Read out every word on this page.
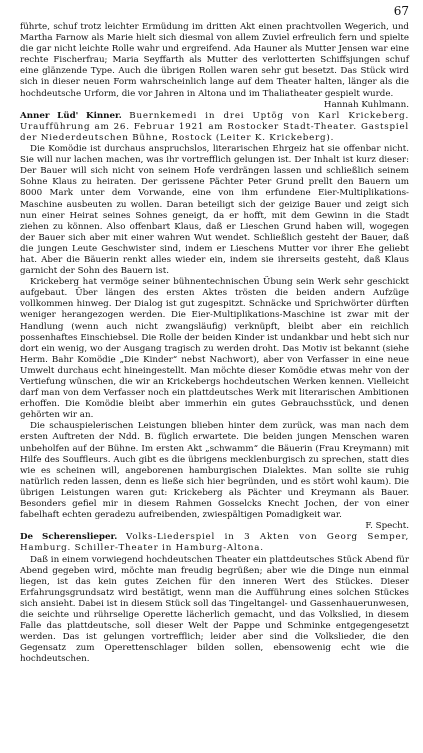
67

führte, schuf trotz leichter Ermüdung im dritten Akt einen prachtvollen Wegerich, und Martha Farnow als Marie hielt sich diesmal von allem Zuviel erfreulich fern und spielte die gar nicht leichte Rolle wahr und ergreifend. Ada Hauner als Mutter Jensen war eine rechte Fischerfrau; Maria Seyffarth als Mutter des verlotterten Schiffsjungen schuf eine glänzende Type. Auch die übrigen Rollen waren sehr gut besetzt. Das Stück wird sich in dieser neuen Form wahrscheinlich lange auf dem Theater halten, länger als die hochdeutsche Urform, die vor Jahren in Altona und im Thaliatheater gespielt wurde.

Hannah Kuhlmann.

Anner Lüd' Kinner. Buernkemedi in drei Uptög von Karl Krickeberg. Uraufführung am 26. Februar 1921 am Rostocker Stadt-Theater. Gastspiel der Niederdeutschen Bühne, Rostock (Leiter K. Krickeberg).

Die Komödie ist durchaus anspruchslos, literarischen Ehrgeiz hat sie offenbar nicht. Sie will nur lachen machen, was ihr vortrefflich gelungen ist. Der Inhalt ist kurz dieser: Der Bauer will sich nicht von seinem Hofe verdrängen lassen und schließlich seinem Sohne Klaus zu heiraten. Der gerissene Pächter Peter Grund prellt den Bauern um 8000 Mark unter dem Vorwande, eine von ihm erfundene Eier-Multiplikations-Maschine ausbeuten zu wollen. Daran beteiligt sich der geizige Bauer und zeigt sich nun einer Heirat seines Sohnes geneigt, da er hofft, mit dem Gewinn in die Stadt ziehen zu können. Also offenbart Klaus, daß er Lieschen Grund haben will, wogegen der Bauer sich aber mit einer wahren Wut wendet. Schließlich gesteht der Bauer, daß die jungen Leute Geschwister sind, indem er Lieschens Mutter vor ihrer Ehe geliebt hat. Aber die Bäuerin renkt alles wieder ein, indem sie ihrerseits gesteht, daß Klaus garnicht der Sohn des Bauern ist.

Krickeberg hat vermöge seiner bühnentechnischen Übung sein Werk sehr geschickt aufgebaut. Über längen des ersten Aktes trösten die beiden andern Aufzüge vollkommen hinweg. Der Dialog ist gut zugespitzt. Schnäcke und Sprichwörter dürften weniger herangezogen werden. Die Eier-Multiplikations-Maschine ist zwar mit der Handlung (wenn auch nicht zwangsläufig) verknüpft, bleibt aber ein reichlich possenhaftes Einschiebsel. Die Rolle der beiden Kinder ist undankbar und hebt sich nur dort ein wenig, wo der Ausgang tragisch zu werden droht. Das Motiv ist bekannt (siehe Herm. Bahr Komödie „Die Kinder“ nebst Nachwort), aber von Verfasser in eine neue Umwelt durchaus echt hineingestellt. Man möchte dieser Komödie etwas mehr von der Vertiefung wünschen, die wir an Krickebergs hochdeutschen Werken kennen. Vielleicht darf man von dem Verfasser noch ein plattdeutsches Werk mit literarischen Ambitionen erhoffen. Die Komödie bleibt aber immerhin ein gutes Gebrauchsstück, und denen gehörten wir an.

Die schauspielerischen Leistungen blieben hinter dem zurück, was man nach dem ersten Auftreten der Ndd. B. füglich erwartete. Die beiden jungen Menschen waren unbeholfen auf der Bühne. Im ersten Akt „schwamm“ die Bäuerin (Frau Kreymann) mit Hilfe des Souffleurs. Auch gibt es die übrigens mecklenburgisch zu sprechen, statt dies wie es scheinen will, angeborenen hamburgischen Dialektes. Man sollte sie ruhig natürlich reden lassen, denn es ließe sich hier begründen, und es stört wohl kaum). Die übrigen Leistungen waren gut: Krickeberg als Pächter und Kreymann als Bauer. Besonders gefiel mir in diesem Rahmen Gosselcks Knecht Jochen, der von einer fabelhaft echten geradezu aufreibenden, zwiespältigen Pomadigkeit war.

F. Specht.

De Scherenslieper. Volks-Liederspiel in 3 Akten von Georg Semper, Hamburg. Schiller-Theater in Hamburg-Altona.

Daß in einem vorwiegend hochdeutschen Theater ein plattdeutsches Stück Abend für Abend gegeben wird, möchte man freudig begrüßen; aber wie die Dinge nun einmal liegen, ist das kein gutes Zeichen für den inneren Wert des Stückes. Dieser Erfahrungsgrundsatz wird bestätigt, wenn man die Aufführung eines solchen Stückes sich ansieht. Dabei ist in diesem Stück soll das Tingeltangel- und Gassenhauerunwesen, die seichte und rührselige Operette lächerlich gemacht, und das Volkslied, in diesem Falle das plattdeutsche, soll dieser Welt der Pappe und Schminke entgegengesetzt werden. Das ist gelungen vortrefflich; leider aber sind die Volkslieder, die den Gegensatz zum Operettenschlager bilden sollen, ebensowenig echt wie die hochdeutschen.
